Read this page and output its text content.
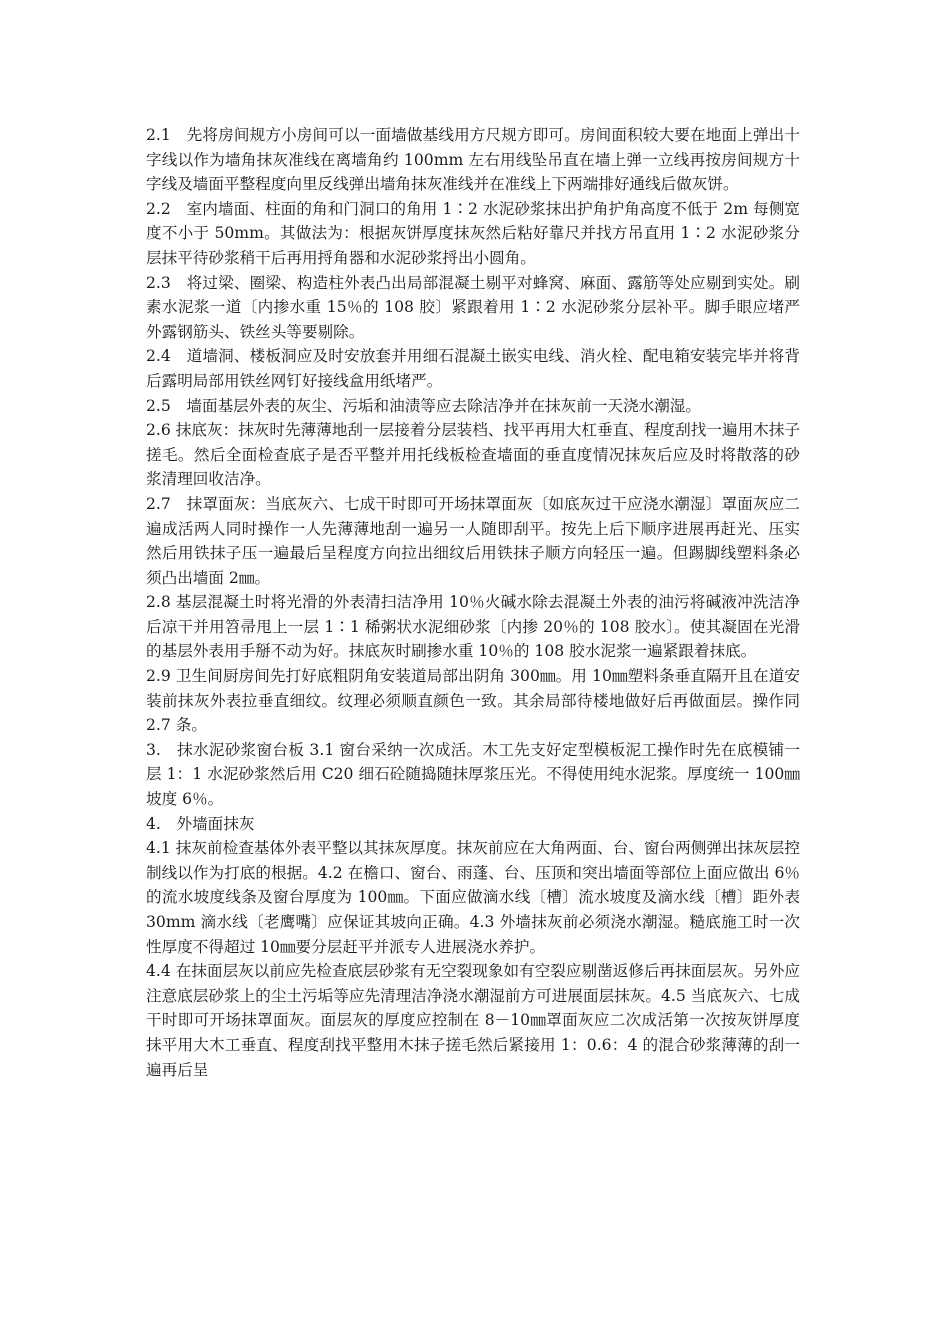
2.1　先将房间规方小房间可以一面墙做基线用方尺规方即可。房间面积较大要在地面上弹出十字线以作为墙角抹灰准线在离墙角约 100mm 左右用线坠吊直在墙上弹一立线再按房间规方十字线及墙面平整程度向里反线弹出墙角抹灰准线并在准线上下两端排好通线后做灰饼。

2.2　室内墙面、柱面的角和门洞口的角用 1∶2 水泥砂浆抹出护角护角高度不低于 2m 每侧宽度不小于 50mm。其做法为：根据灰饼厚度抹灰然后粘好靠尺并找方吊直用 1∶2 水泥砂浆分层抹平待砂浆稍干后再用捋角器和水泥砂浆捋出小圆角。

2.3　将过梁、圈梁、构造柱外表凸出局部混凝土剔平对蜂窝、麻面、露筋等处应剔到实处。刷素水泥浆一道〔内掺水重 15％的 108 胶〕紧跟着用 1∶2 水泥砂浆分层补平。脚手眼应堵严外露钢筋头、铁丝头等要剔除。

2.4　道墙洞、楼板洞应及时安放套并用细石混凝土嵌实电线、消火栓、配电箱安装完毕并将背后露明局部用铁丝网钉好接线盒用纸堵严。

2.5　墙面基层外表的灰尘、污垢和油渍等应去除洁净并在抹灰前一天浇水潮湿。

2.6 抹底灰：抹灰时先薄薄地刮一层接着分层装档、找平再用大杠垂直、程度刮找一遍用木抹子搓毛。然后全面检查底子是否平整并用托线板检查墙面的垂直度情况抹灰后应及时将散落的砂浆清理回收洁净。

2.7　抹罩面灰：当底灰六、七成干时即可开场抹罩面灰〔如底灰过干应浇水潮湿〕罩面灰应二遍成活两人同时操作一人先薄薄地刮一遍另一人随即刮平。按先上后下顺序进展再赶光、压实然后用铁抹子压一遍最后呈程度方向拉出细纹后用铁抹子顺方向轻压一遍。但踢脚线塑料条必须凸出墙面 2㎜。

2.8 基层混凝土时将光滑的外表清扫洁净用 10％火碱水除去混凝土外表的油污将碱液冲洗洁净后凉干并用笤帚甩上一层 1∶1 稀粥状水泥细砂浆〔内掺 20％的 108 胶水〕。使其凝固在光滑的基层外表用手掰不动为好。抹底灰时刷掺水重 10％的 108 胶水泥浆一遍紧跟着抹底。

2.9 卫生间厨房间先打好底粗阴角安装道局部出阴角 300㎜。用 10㎜塑料条垂直隔开且在道安装前抹灰外表拉垂直细纹。纹理必须顺直颜色一致。其余局部待楼地做好后再做面层。操作同 2.7 条。

3.　抹水泥砂浆窗台板 3.1 窗台采纳一次成活。木工先支好定型模板泥工操作时先在底模铺一层 1：1 水泥砂浆然后用 C20 细石砼随捣随抹厚浆压光。不得使用纯水泥浆。厚度统一 100㎜坡度 6％。

4.　外墙面抹灰

4.1 抹灰前检查基体外表平整以其抹灰厚度。抹灰前应在大角两面、台、窗台两侧弹出抹灰层控制线以作为打底的根据。4.2 在檐口、窗台、雨蓬、台、压顶和突出墙面等部位上面应做出 6％的流水坡度线条及窗台厚度为 100㎜。下面应做滴水线〔槽〕流水坡度及滴水线〔槽〕距外表 30mm 滴水线〔老鹰嘴〕应保证其坡向正确。4.3 外墙抹灰前必须浇水潮湿。糙底施工时一次性厚度不得超过 10㎜要分层赶平并派专人进展浇水养护。

4.4 在抹面层灰以前应先检查底层砂浆有无空裂现象如有空裂应剔凿返修后再抹面层灰。另外应注意底层砂浆上的尘土污垢等应先清理洁净浇水潮湿前方可进展面层抹灰。4.5 当底灰六、七成干时即可开场抹罩面灰。面层灰的厚度应控制在 8－10㎜罩面灰应二次成活第一次按灰饼厚度抹平用大木工垂直、程度刮找平整用木抹子搓毛然后紧接用 1：0.6：4 的混合砂浆薄薄的刮一遍再后呈
